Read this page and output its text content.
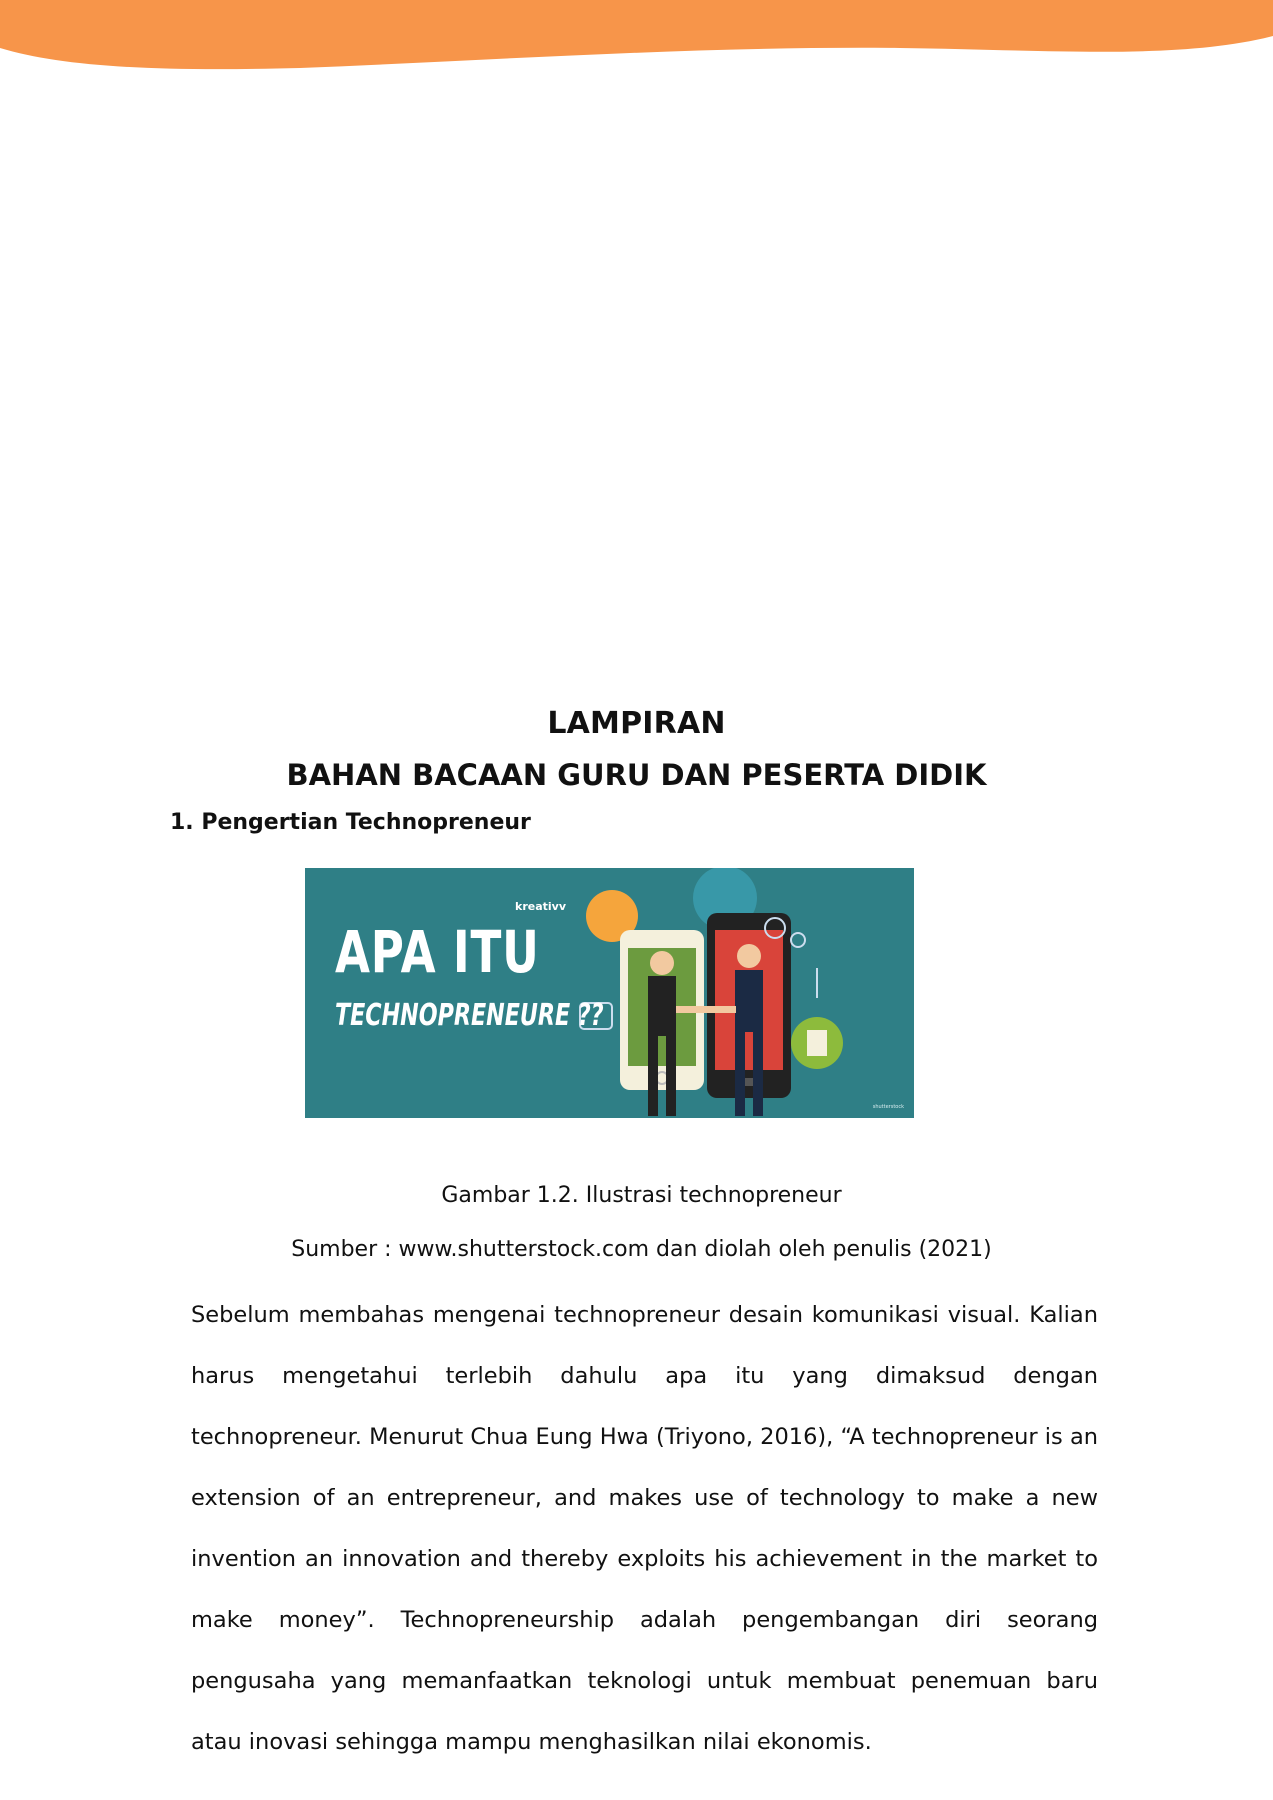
LAMPIRAN
BAHAN BACAAN GURU DAN PESERTA DIDIK
1. Pengertian Technopreneur
kreativv
APA ITU
TECHNOPRENEURE ??
shutterstock
Gambar 1.2. Ilustrasi technopreneur
Sumber : www.shutterstock.com dan diolah oleh penulis (2021)
Sebelum membahas mengenai technopreneur desain komunikasi visual. Kalian harus mengetahui terlebih dahulu apa itu yang dimaksud dengan technopreneur. Menurut Chua Eung Hwa (Triyono, 2016), “A technopreneur is an extension of an entrepreneur, and makes use of technology to make a new invention an innovation and thereby exploits his achievement in the market to make money”. Technopreneurship adalah pengembangan diri seorang pengusaha yang memanfaatkan teknologi untuk membuat penemuan baru atau inovasi sehingga mampu menghasilkan nilai ekonomis.
